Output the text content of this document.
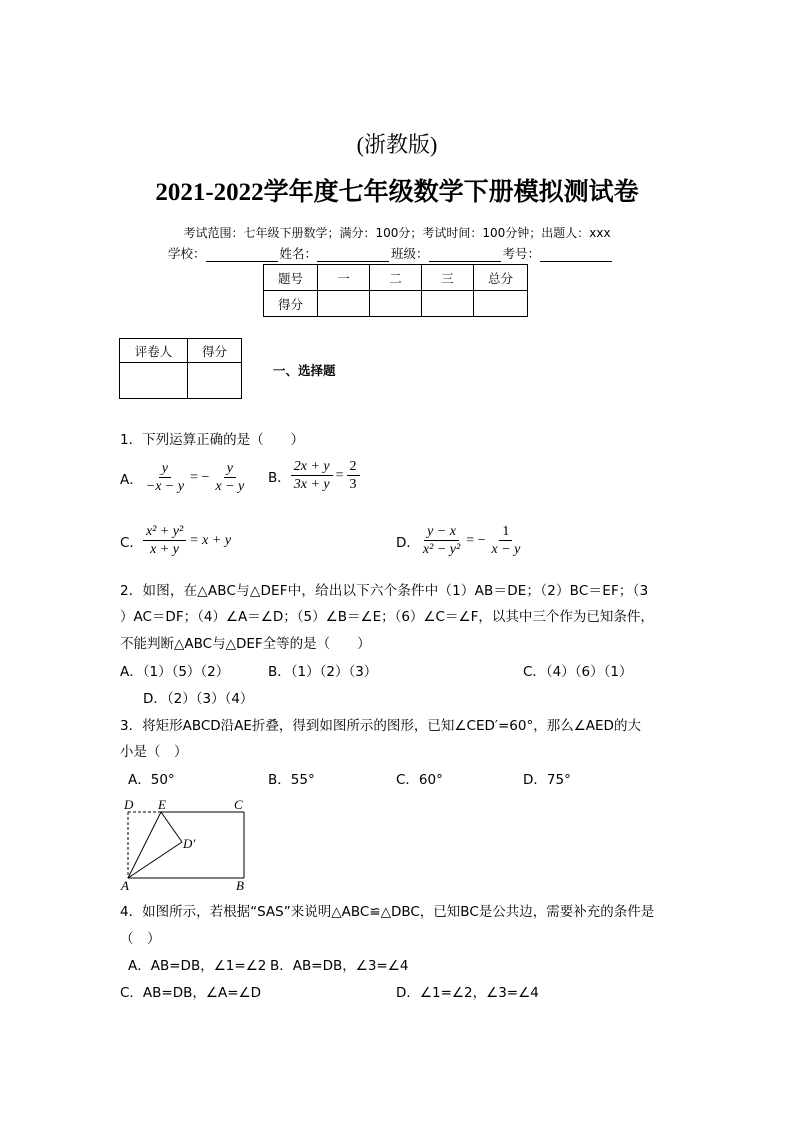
(浙教版)
2021-2022学年度七年级数学下册模拟测试卷
考试范围：七年级下册数学；满分：100分；考试时间：100分钟；出题人：xxx
学校：	姓名：	班级：	考号：
题号	一	二	三	总分
得分				
评卷人	得分

一、选择题
1．下列运算正确的是（　　）
A． $\frac{y}{-x - y}$ = − $\frac{y}{x - y}$ B． $\frac{2x + y}{3x + y} = \frac{2}{3}$
C． $\frac{\text{x² + y²}}{x + y} = x + y$	D． $\frac{y - x}{\text{x² − y²}}$ = − $\frac{1}{x - y}$
2．如图，在△ABC与△DEF中，给出以下六个条件中（1）AB＝DE；（2）BC＝EF；（3
）AC＝DF；（4）∠A＝∠D；（5）∠B＝∠E；（6）∠C＝∠F，以其中三个作为已知条件，
不能判断△ABC与△DEF全等的是（　　）
A．（1）（5）（2）	B．（1）（2）（3）	C．（4）（6）（1）
D．（2）（3）（4）
3．将矩形ABCD沿AE折叠，得到如图所示的图形，已知∠CED′=60°，那么∠AED的大
小是（　）
A．50°	B．55°	C．60°	D．75°
D E	C
D′
A	B
4．如图所示，若根据“SAS”来说明△ABC≌△DBC，已知BC是公共边，需要补充的条件是
（　）
A．AB=DB，∠1=∠2 B．AB=DB，∠3=∠4
C．AB=DB，∠A=∠D	D．∠1=∠2，∠3=∠4
